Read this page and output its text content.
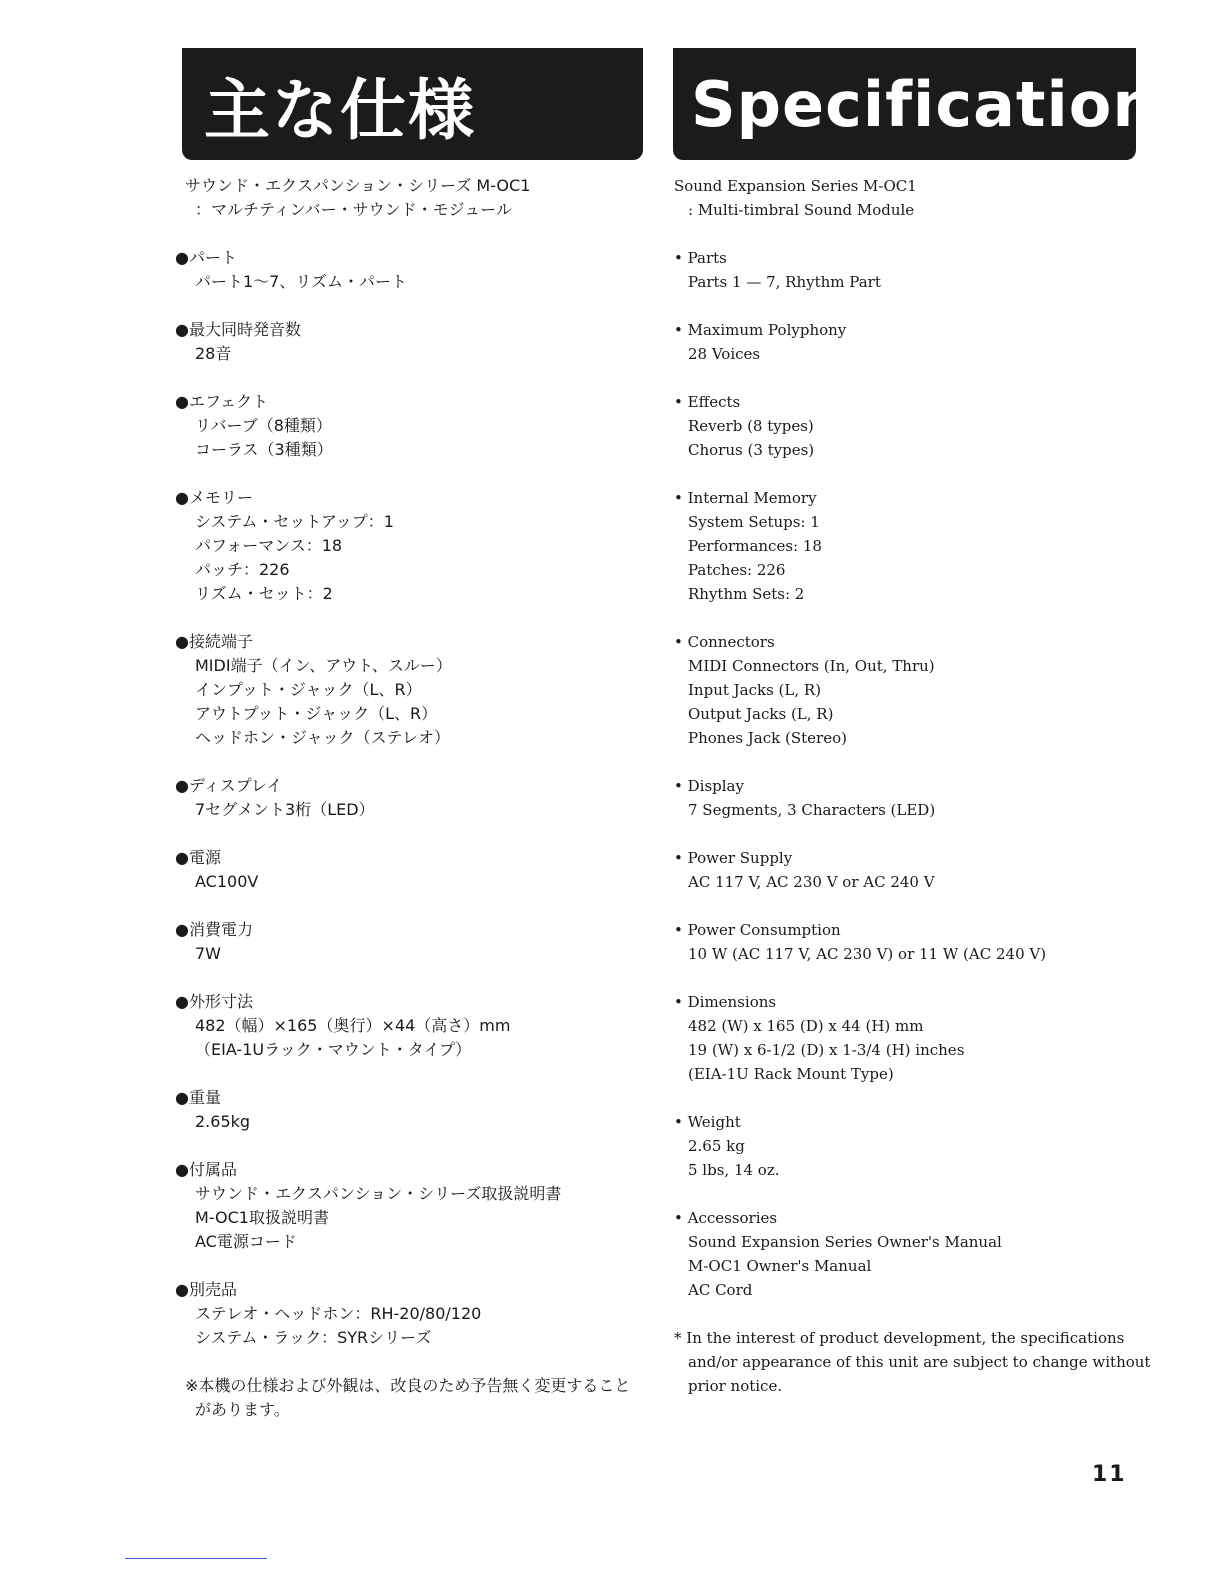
主な仕様	Specifications
サウンド・エクスパンション・シリーズ M-OC1
：マルチティンバー・サウンド・モジュール
●パート
パート1〜7、リズム・パート
●最大同時発音数
28音
●エフェクト
リバーブ（8種類）
コーラス（3種類）
●メモリー
システム・セットアップ：1
パフォーマンス：18
パッチ：226
リズム・セット：2
●接続端子
MIDI端子（イン、アウト、スルー）
インプット・ジャック（L、R）
アウトプット・ジャック（L、R）
ヘッドホン・ジャック（ステレオ）
●ディスプレイ
7セグメント3桁（LED）
●電源
AC100V
●消費電力
7W
●外形寸法
482（幅）×165（奥行）×44（高さ）mm
（EIA-1Uラック・マウント・タイプ）
●重量
2.65kg
●付属品
サウンド・エクスパンション・シリーズ取扱説明書
M-OC1取扱説明書
AC電源コード
●別売品
ステレオ・ヘッドホン：RH-20/80/120
システム・ラック：SYRシリーズ
※本機の仕様および外観は、改良のため予告無く変更すること
があります。
Sound Expansion Series M-OC1
: Multi-timbral Sound Module
• Parts
Parts 1 — 7, Rhythm Part
• Maximum Polyphony
28 Voices
• Effects
Reverb (8 types)
Chorus (3 types)
• Internal Memory
System Setups: 1
Performances: 18
Patches: 226
Rhythm Sets: 2
• Connectors
MIDI Connectors (In, Out, Thru)
Input Jacks (L, R)
Output Jacks (L, R)
Phones Jack (Stereo)
• Display
7 Segments, 3 Characters (LED)
• Power Supply
AC 117 V, AC 230 V or AC 240 V
• Power Consumption
10 W (AC 117 V, AC 230 V) or 11 W (AC 240 V)
• Dimensions
482 (W) x 165 (D) x 44 (H) mm
19 (W) x 6-1/2 (D) x 1-3/4 (H) inches
(EIA-1U Rack Mount Type)
• Weight
2.65 kg
5 lbs, 14 oz.
• Accessories
Sound Expansion Series Owner's Manual
M-OC1 Owner's Manual
AC Cord
* In the interest of product development, the specifications
and/or appearance of this unit are subject to change without
prior notice.
11
